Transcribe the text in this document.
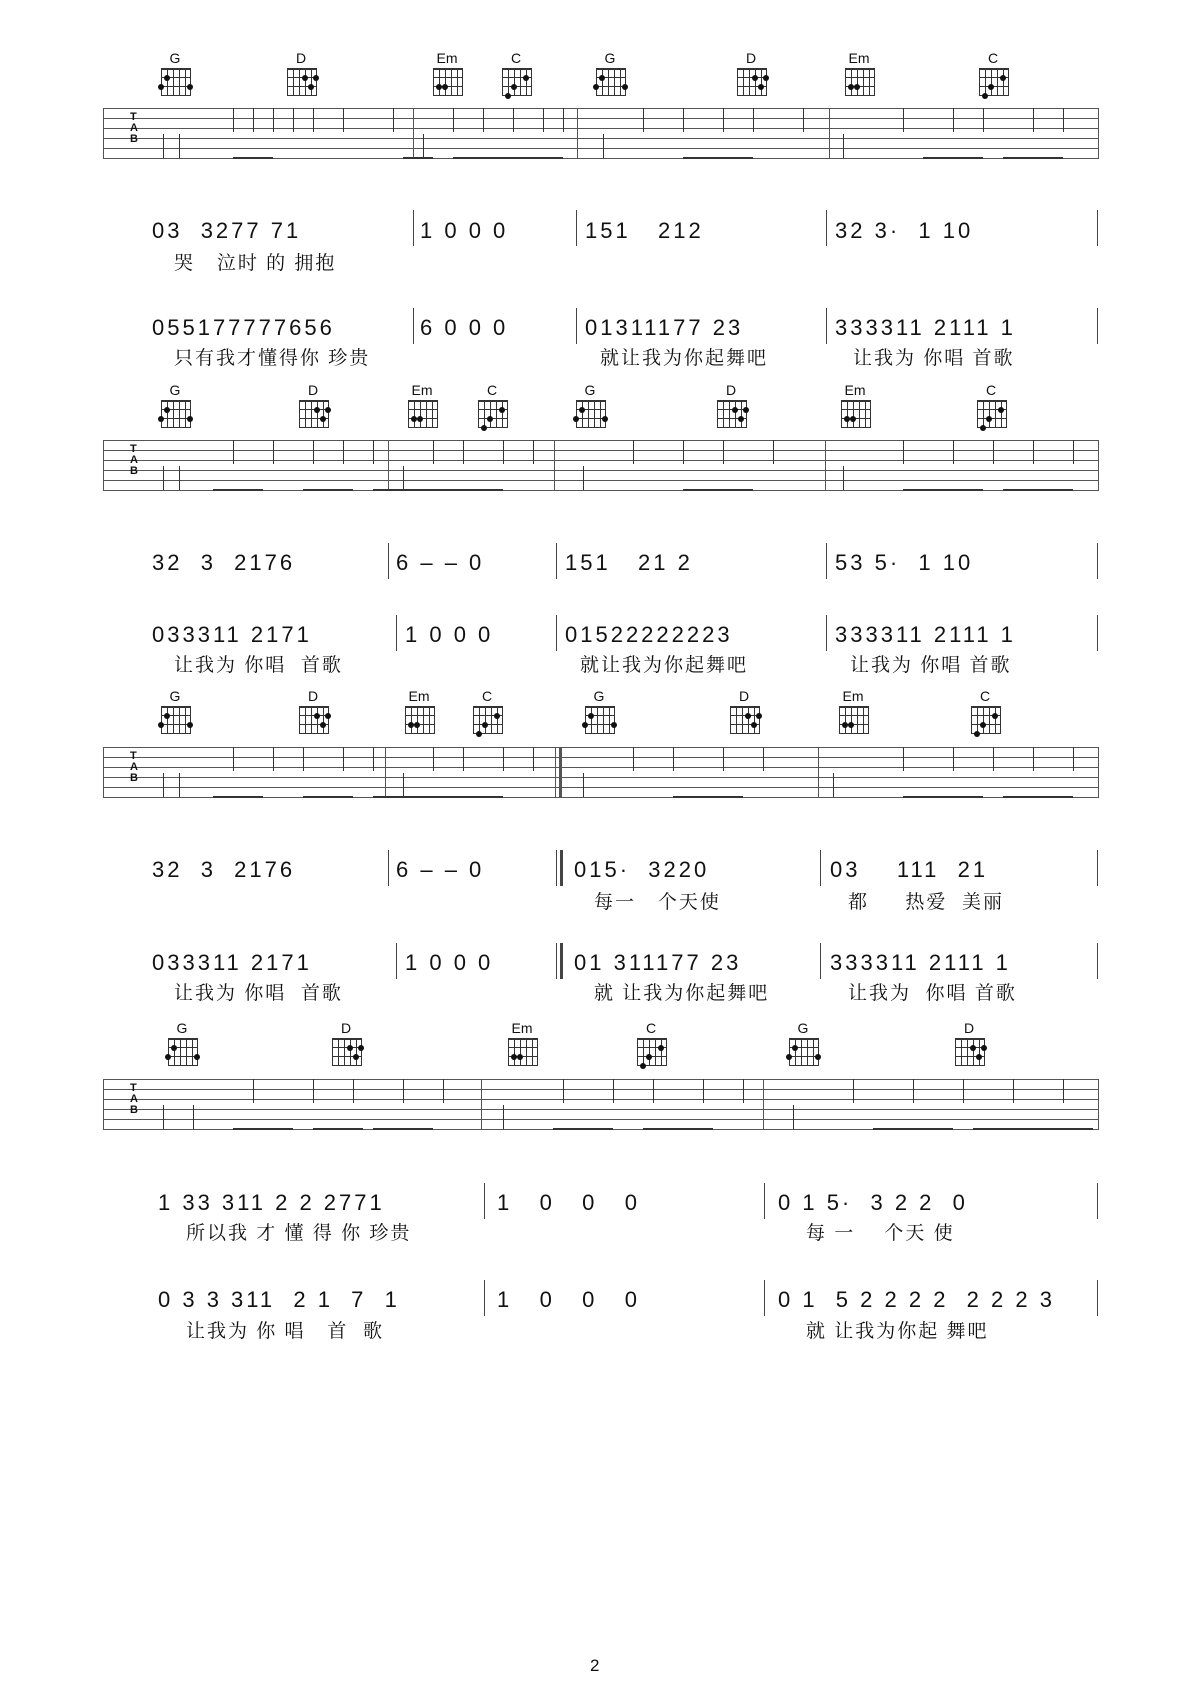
G	D	Em	C	G	D	Em	C
T
A
B
03  3277 71	1 0 0 0	151   212	32 3·  1 10
哭   泣时 的 拥抱
055177777656	6 0 0 0	01311177 23	333311 2111 1
只有我才懂得你 珍贵	就让我为你起舞吧	让我为 你唱 首歌
G	D	Em	C	G	D	Em	C
T
A
B
32  3  2176	6 – – 0	151   21 2	53 5·  1 10
033311 2171	1 0 0 0	01522222223	333311 2111 1
让我为 你唱  首歌	就让我为你起舞吧	让我为 你唱 首歌
G	D	Em	C	G	D	Em	C
T
A
B
32  3  2176	6 – – 0	015·  3220	03    111  21
每一   个天使	都     热爱  美丽
033311 2171	1 0 0 0	01 311177 23	333311 2111 1
让我为 你唱  首歌	就 让我为你起舞吧	让我为  你唱 首歌
G	D	Em	C	G	D
T
A
B
1 33 311 2 2 2771	1   0   0   0	0 1 5·  3 2 2  0
所以我 才 懂 得 你 珍贵	每 一    个天 使
0 3 3 311  2 1  7  1	1   0   0   0	0 1  5 2 2 2 2  2 2 2 3
让我为 你 唱   首  歌	就 让我为你起 舞吧
2
